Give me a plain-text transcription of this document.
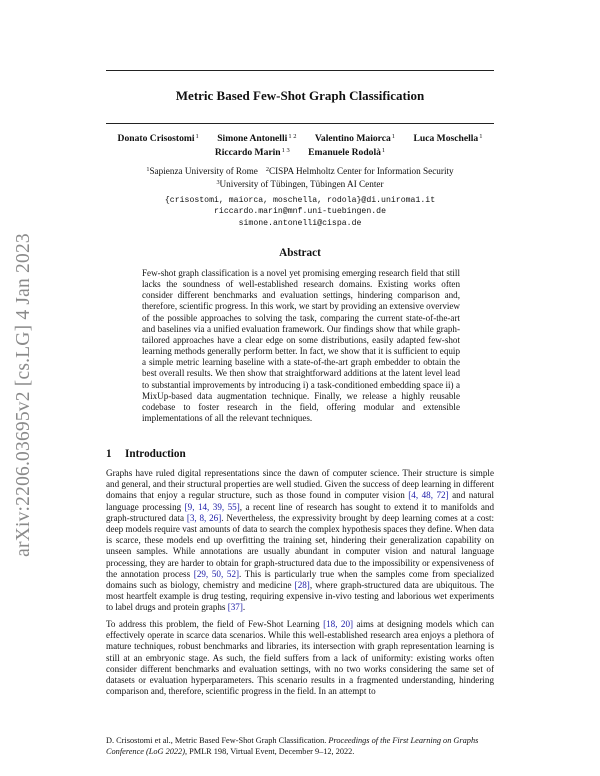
arXiv:2206.03695v2 [cs.LG] 4 Jan 2023
Metric Based Few-Shot Graph Classification
Donato Crisostomi$^1$ Simone Antonelli$^{1 2}$ Valentino Maiorca$^1$ Luca Moschella$^1$
Riccardo Marin$^{1 3}$ Emanuele Rodolà$^1$
$^1$Sapienza University of Rome $^2$CISPA Helmholtz Center for Information Security
$^3$University of Tübingen, Tübingen AI Center
{crisostomi, maiorca, moschella, rodola}@di.uniroma1.it
riccardo.marin@mnf.uni-tuebingen.de
simone.antonelli@cispa.de
Abstract
Few-shot graph classification is a novel yet promising emerging research field that still lacks the soundness of well-established research domains. Existing works often consider different benchmarks and evaluation settings, hindering comparison and, therefore, scientific progress. In this work, we start by providing an extensive overview of the possible approaches to solving the task, comparing the current state-of-the-art and baselines via a unified evaluation framework. Our findings show that while graph-tailored approaches have a clear edge on some distributions, easily adapted few-shot learning methods generally perform better. In fact, we show that it is sufficient to equip a simple metric learning baseline with a state-of-the-art graph embedder to obtain the best overall results. We then show that straightforward additions at the latent level lead to substantial improvements by introducing i) a task-conditioned embedding space ii) a MixUp-based data augmentation technique. Finally, we release a highly reusable codebase to foster research in the field, offering modular and extensible implementations of all the relevant techniques.
1 Introduction
Graphs have ruled digital representations since the dawn of computer science. Their structure is simple and general, and their structural properties are well studied. Given the success of deep learning in different domains that enjoy a regular structure, such as those found in computer vision [4, 48, 72] and natural language processing [9, 14, 39, 55], a recent line of research has sought to extend it to manifolds and graph-structured data [3, 8, 26]. Nevertheless, the expressivity brought by deep learning comes at a cost: deep models require vast amounts of data to search the complex hypothesis spaces they define. When data is scarce, these models end up overfitting the training set, hindering their generalization capability on unseen samples. While annotations are usually abundant in computer vision and natural language processing, they are harder to obtain for graph-structured data due to the impossibility or expensiveness of the annotation process [29, 50, 52]. This is particularly true when the samples come from specialized domains such as biology, chemistry and medicine [28], where graph-structured data are ubiquitous. The most heartfelt example is drug testing, requiring expensive in-vivo testing and laborious wet experiments to label drugs and protein graphs [37].
To address this problem, the field of Few-Shot Learning [18, 20] aims at designing models which can effectively operate in scarce data scenarios. While this well-established research area enjoys a plethora of mature techniques, robust benchmarks and libraries, its intersection with graph representation learning is still at an embryonic stage. As such, the field suffers from a lack of uniformity: existing works often consider different benchmarks and evaluation settings, with no two works considering the same set of datasets or evaluation hyperparameters. This scenario results in a fragmented understanding, hindering comparison and, therefore, scientific progress in the field. In an attempt to
D. Crisostomi et al., Metric Based Few-Shot Graph Classification. Proceedings of the First Learning on Graphs Conference (LoG 2022), PMLR 198, Virtual Event, December 9–12, 2022.
